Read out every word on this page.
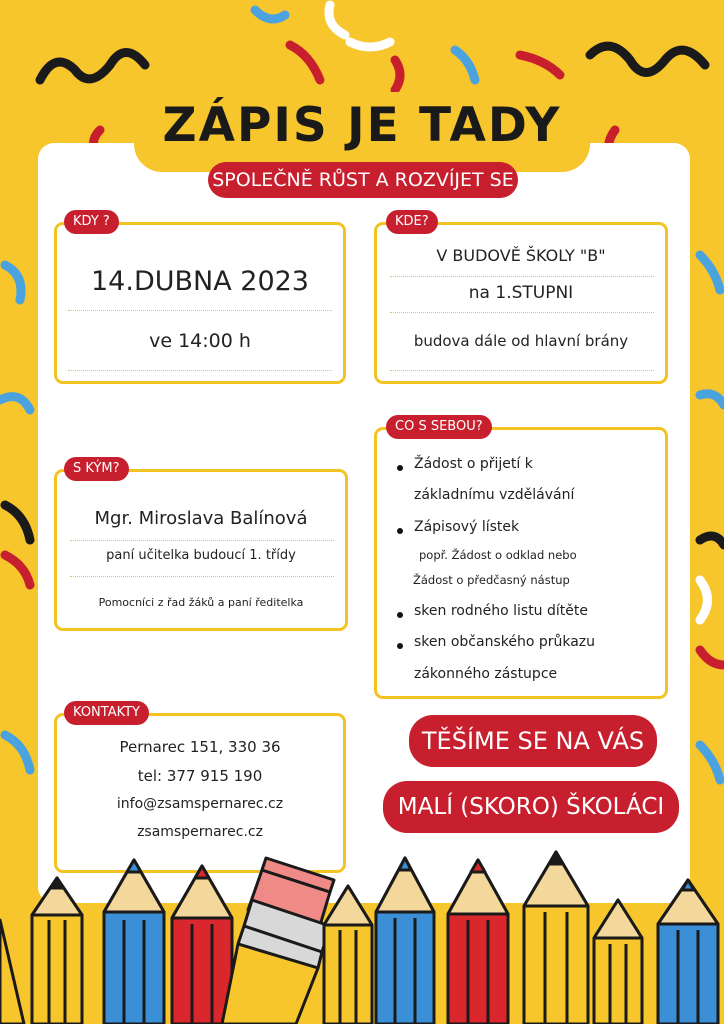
ZÁPIS JE TADY
SPOLEČNĚ RŮST A ROZVÍJET SE
KDY ?
14.DUBNA 2023
ve 14:00 h
KDE?
V BUDOVĚ ŠKOLY "B"
na 1.STUPNI
budova dále od hlavní brány
S KÝM?
Mgr. Miroslava Balínová
paní učitelka budoucí 1. třídy
Pomocníci z řad žáků a paní ředitelka
CO S SEBOU?
Žádost o přijetí k
základnímu vzdělávání
Zápisový lístek
popř. Žádost o odklad nebo
Žádost o předčasný nástup
sken rodného listu dítěte
sken občanského průkazu
zákonného zástupce
KONTAKTY
Pernarec 151, 330 36
tel: 377 915 190
info@zsamspernarec.cz
zsamspernarec.cz
TĚŠÍME SE NA VÁS
MALÍ (SKORO) ŠKOLÁCI
